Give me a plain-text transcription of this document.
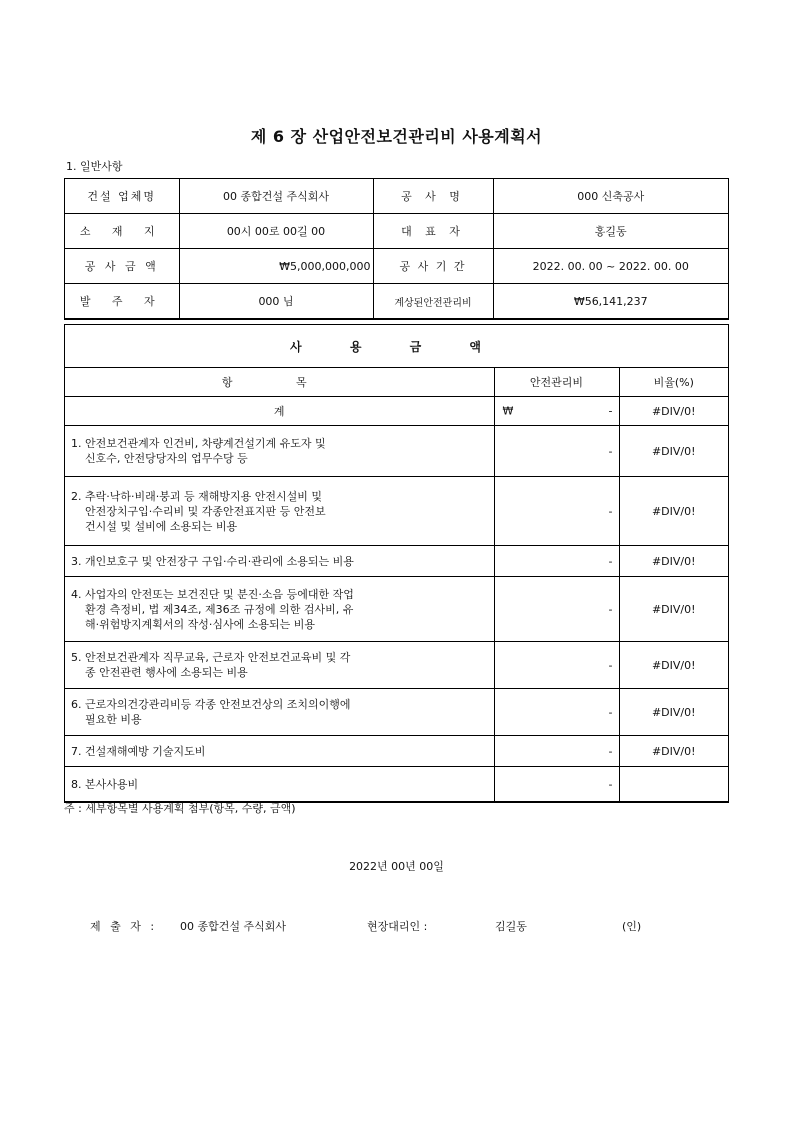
제 6 장 산업안전보건관리비 사용계획서
1. 일반사항
건설 업체명	00 종합건설 주식회사	공 사 명	000 신축공사
소 재 지	00시 00로 00길 00	대 표 자	홍길동
공 사 금 액	₩5,000,000,000	공 사 기 간	2022. 00. 00 ~ 2022. 00. 00
발 주 자	000 님	계상된안전관리비	₩56,141,237
사 용 금 액		
항 목	안전관리비	비율(%)
계	₩ -	#DIV/0!

1. 안전보건관계자 인건비, 차량계건설기계 유도자 및
신호수, 안전당당자의 업무수당 등	-	#DIV/0!

2. 추락·낙하·비래·붕괴 등 재해방지용 안전시설비 및
안전장치구입·수리비 및 각종안전표지판 등 안전보
건시설 및 설비에 소용되는 비용	-	#DIV/0!

3. 개인보호구 및 안전장구 구입·수리·관리에 소용되는 비용	-	#DIV/0!

4. 사업자의 안전또는 보건진단 및 분진·소음 등에대한 작업
환경 측정비, 법 제34조, 제36조 규정에 의한 검사비, 유
해·위험방지계획서의 작성·심사에 소용되는 비용	-	#DIV/0!

5. 안전보건관계자 직무교육, 근로자 안전보건교육비 및 각
종 안전관련 행사에 소용되는 비용	-	#DIV/0!

6. 근로자의건강관리비등 각종 안전보건상의 조치의이행에
필요한 비용	-	#DIV/0!

7. 건설재해예방 기술지도비	-	#DIV/0!

8. 본사사용비	-	
주 : 세부항목별 사용계획 첨부(항목, 수량, 금액)
2022년 00년 00일

제 출 자 :

00 종합건설 주식회사

	현장대리인 :

	김길동

	(인)
